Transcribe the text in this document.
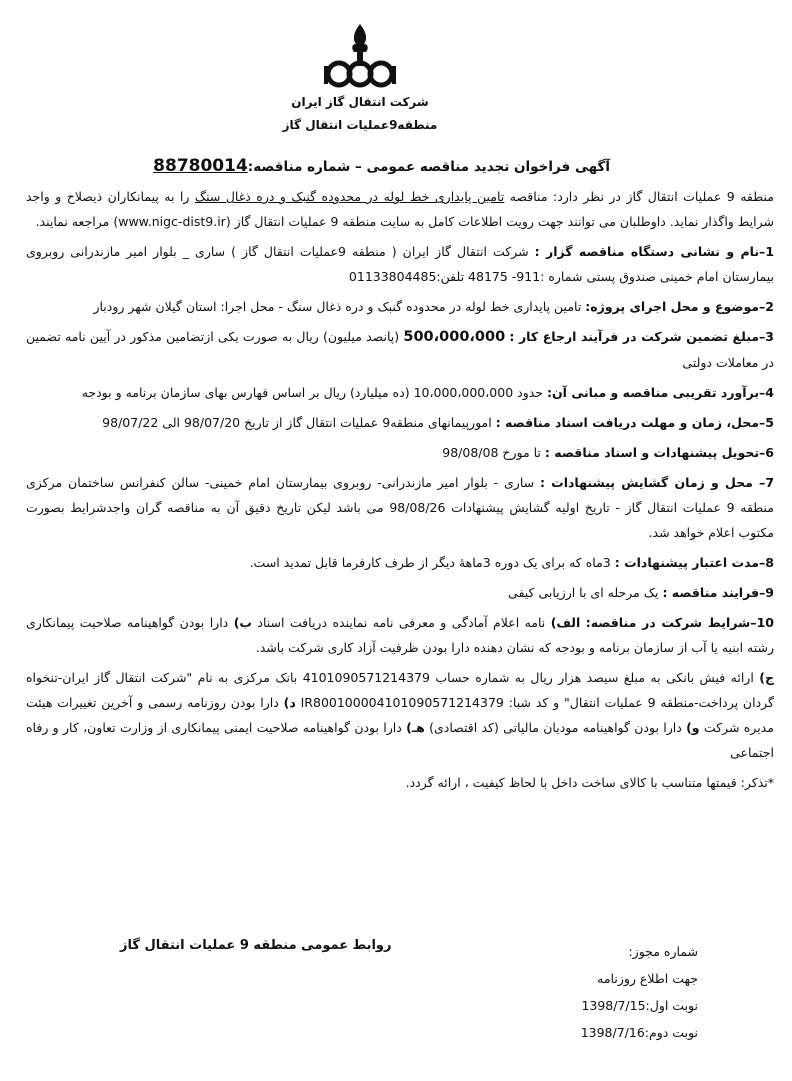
شرکت انتقال گاز ایران
منطقه9عملیات انتقال گاز
آگهی فراخوان تجدید مناقصه عمومی – شماره مناقصه:88780014

منطقه 9 عملیات انتقال گاز در نظر دارد: مناقصه تامین پایداری خط لوله در محدوده گنبک و دره ذغال سنگ را به پیمانکاران ذیصلاح و واجد شرایط واگذار نماید. داوطلبان می توانند جهت رویت اطلاعات کامل به سایت منطقه 9 عملیات انتقال گاز (www.nigc-dist9.ir) مراجعه نمایند.

1–نام و نشانی دستگاه مناقصه گزار : شرکت انتقال گاز ایران ( منطقه 9عملیات انتقال گاز ) ساری _ بلوار امیر مازندرانی روبروی بیمارستان امام خمینی صندوق پستی شماره :911- 48175 تلفن:01133804485

2–موضوع و محل اجرای پروژه: تامین پایداری خط لوله در محدوده گنبک و دره ذغال سنگ - محل اجرا: استان گیلان شهر رودبار

3–مبلغ تضمین شرکت در فرآیند ارجاع کار : 500،000،000 (پانصد میلیون) ریال به صورت یکی ازتضامین مذکور در آیین نامه تضمین در معاملات دولتی

4–برآورد تقریبی مناقصه و مبانی آن: حدود 10،000،000،000 (ده میلیارد) ریال بر اساس فهارس بهای سازمان برنامه و بودجه

5–محل، زمان و مهلت دریافت اسناد مناقصه : امورپیمانهای منطقه9 عملیات انتقال گاز از تاریخ 98/07/20 الی 98/07/22

6–تحویل پیشنهادات و اسناد مناقصه : تا مورخ 98/08/08

7– محل و زمان گشایش پیشنهادات : ساری - بلوار امیر مازندرانی- روبروی بیمارستان امام خمینی- سالن کنفرانس ساختمان مرکزی منطقه 9 عملیات انتقال گاز - تاریخ اولیه گشایش پیشنهادات 98/08/26 می باشد لیکن تاریخ دقیق آن به مناقصه گران واجدشرایط بصورت مکتوب اعلام خواهد شد.

8–مدت اعتبار پیشنهادات : 3ماه که برای یک دوره 3ماهۀ دیگر از طرف کارفرما قابل تمدید است.

9–فرایند مناقصه : یک مرحله ای با ارزیابی کیفی

10–شرایط شرکت در مناقصه: الف) نامه اعلام آمادگی و معرفی نامه نماینده دریافت اسناد ب) دارا بودن گواهینامه صلاحیت پیمانکاری رشته ابنیه یا آب از سازمان برنامه و بودجه که نشان دهنده دارا بودن ظرفیت آزاد کاری شرکت باشد.

ج) ارائه فیش بانکی به مبلغ سیصد هزار ریال به شماره حساب 4101090571214379 بانک مرکزی به نام "شرکت انتقال گاز ایران-تنخواه گردان پرداخت-منطقه 9 عملیات انتقال" و کد شبا: IR800100004101090571214379 د) دارا بودن روزنامه رسمی و آخرین تغییرات هیئت مدیره شرکت و) دارا بودن گواهینامه مودیان مالیاتی (کد اقتصادی) هـ) دارا بودن گواهینامه صلاحیت ایمنی پیمانکاری از وزارت تعاون، کار و رفاه اجتماعی

*تذکر: قیمتها متناسب با کالای ساخت داخل با لحاظ کیفیت ، ارائه گردد.

شماره مجوز:
جهت اطلاع روزنامه
نوبت اول:1398/7/15
نوبت دوم:1398/7/16
روابط عمومی منطقه 9 عملیات انتقال گاز
